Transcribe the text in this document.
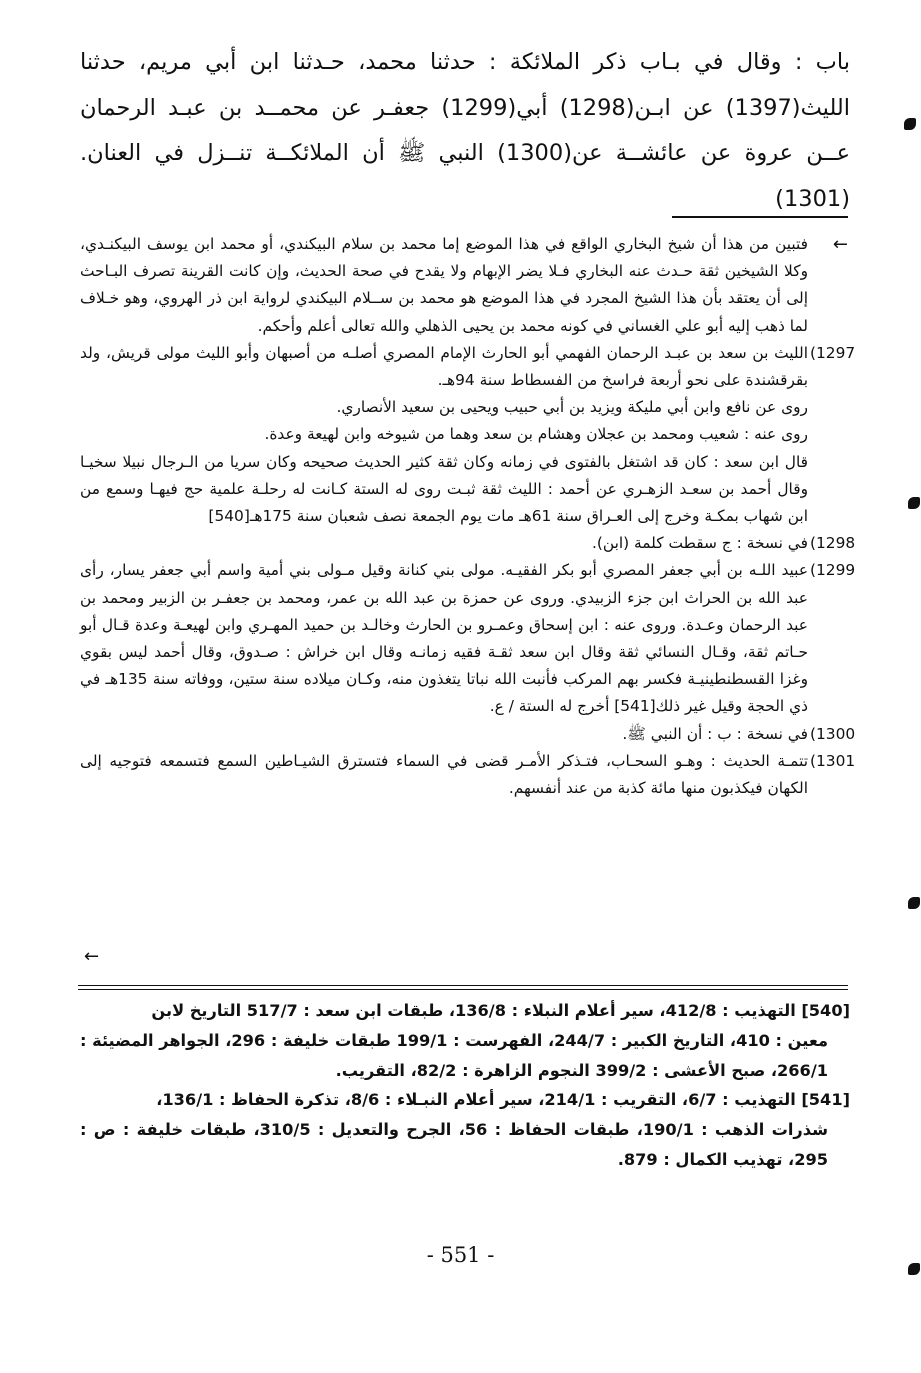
باب : وقال في بـاب ذكر الملائكة : حدثنا محمد، حـدثنا ابن أبي مريم، حدثنا الليث(1397) عن ابـن(1298) أبي(1299) جعفـر عن محمــد بن عبـد الرحمان عــن عروة عن عائشــة عن(1300) النبي ﷺ أن الملائكــة تنــزل في العنان.(1301)

←
فتبين من هذا أن شيخ البخاري الواقع في هذا الموضع إما محمد بن سلام البيكندي، أو محمد ابن يوسف البيكنـدي، وكلا الشيخين ثقة حـدث عنه البخاري فـلا يضر الإبهام ولا يقدح في صحة الحديث، وإن كانت القرينة تصرف البـاحث إلى أن يعتقد بأن هذا الشيخ المجرد في هذا الموضع هو محمد بن ســلام البيكندي لرواية ابن ذر الهروي، وهو خـلاف لما ذهب إليه أبو علي الغساني في كونه محمد بن يحيى الذهلي والله تعالى أعلم وأحكم.
(1297
الليث بن سعد بن عبـد الرحمان الفهمي أبو الحارث الإمام المصري أصلـه من أصبهان وأبو الليث مولى قريش، ولد بقرقشندة على نحو أربعة فراسخ من الفسطاط سنة 94هـ.
روى عن نافع وابن أبي مليكة ويزيد بن أبي حبيب ويحيى بن سعيد الأنصاري.
روى عنه : شعيب ومحمد بن عجلان وهشام بن سعد وهما من شيوخه وابن لهيعة وعدة.
قال ابن سعد : كان قد اشتغل بالفتوى في زمانه وكان ثقة كثير الحديث صحيحه وكان سريا من الـرجال نبيلا سخيـا وقال أحمد بن سعـد الزهـري عن أحمد : الليث ثقة ثبـت روى له الستة كـانت له رحلـة علمية حج فيهـا وسمع من ابن شهاب بمكـة وخرج إلى العـراق سنة 61هـ مات يوم الجمعة نصف شعبان سنة 175هـ[540]
(1298
في نسخة : ج سقطت كلمة (ابن).
(1299
عبيد اللـه بن أبي جعفر المصري أبو بكر الفقيـه. مولى بني كنانة وقيل مـولى بني أمية واسم أبي جعفر يسار، رأى عبد الله بن الحراث ابن جزء الزبيدي. وروى عن حمزة بن عبد الله بن عمر، ومحمد بن جعفـر بن الزبير ومحمد بن عبد الرحمان وعـدة. وروى عنه : ابن إسحاق وعمـرو بن الحارث وخالـد بن حميد المهـري وابن لهيعـة وعدة قـال أبو حـاتم ثقة، وقـال النسائي ثقة وقال ابن سعد ثقـة فقيه زمانـه وقال ابن خراش : صـدوق، وقال أحمد ليس بقوي وغزا القسطنطينيـة فكسر بهم المركب فأنبت الله نباتا يتغذون منه، وكـان ميلاده سنة ستين، ووفاته سنة 135هـ في ذي الحجة وقيل غير ذلك[541] أخرج له الستة / ع.
(1300
في نسخة : ب : أن النبي ﷺ.
(1301
تتمـة الحديث : وهـو السحـاب، فتـذكر الأمـر قضى في السماء فتسترق الشيـاطين السمع فتسمعه فتوجيه إلى الكهان فيكذبون منها مائة كذبة من عند أنفسهم.
←

[540] التهذيب : 412/8، سير أعلام النبلاء : 136/8، طبقات ابن سعد : 517/7 التاريخ لابن
معين : 410، التاريخ الكبير : 244/7، الفهرست : 199/1 طبقات خليفة : 296، الجواهر المضيئة : 266/1، صبح الأعشى : 399/2 النجوم الزاهرة : 82/2، التقريب.

[541] التهذيب : 6/7، التقريب : 214/1، سير أعلام النبـلاء : 8/6، تذكرة الحفاظ : 136/1،
شذرات الذهب : 190/1، طبقات الحفاظ : 56، الجرح والتعديل : 310/5، طبقات خليفة : ص : 295، تهذيب الكمال : 879.

- 551 -
